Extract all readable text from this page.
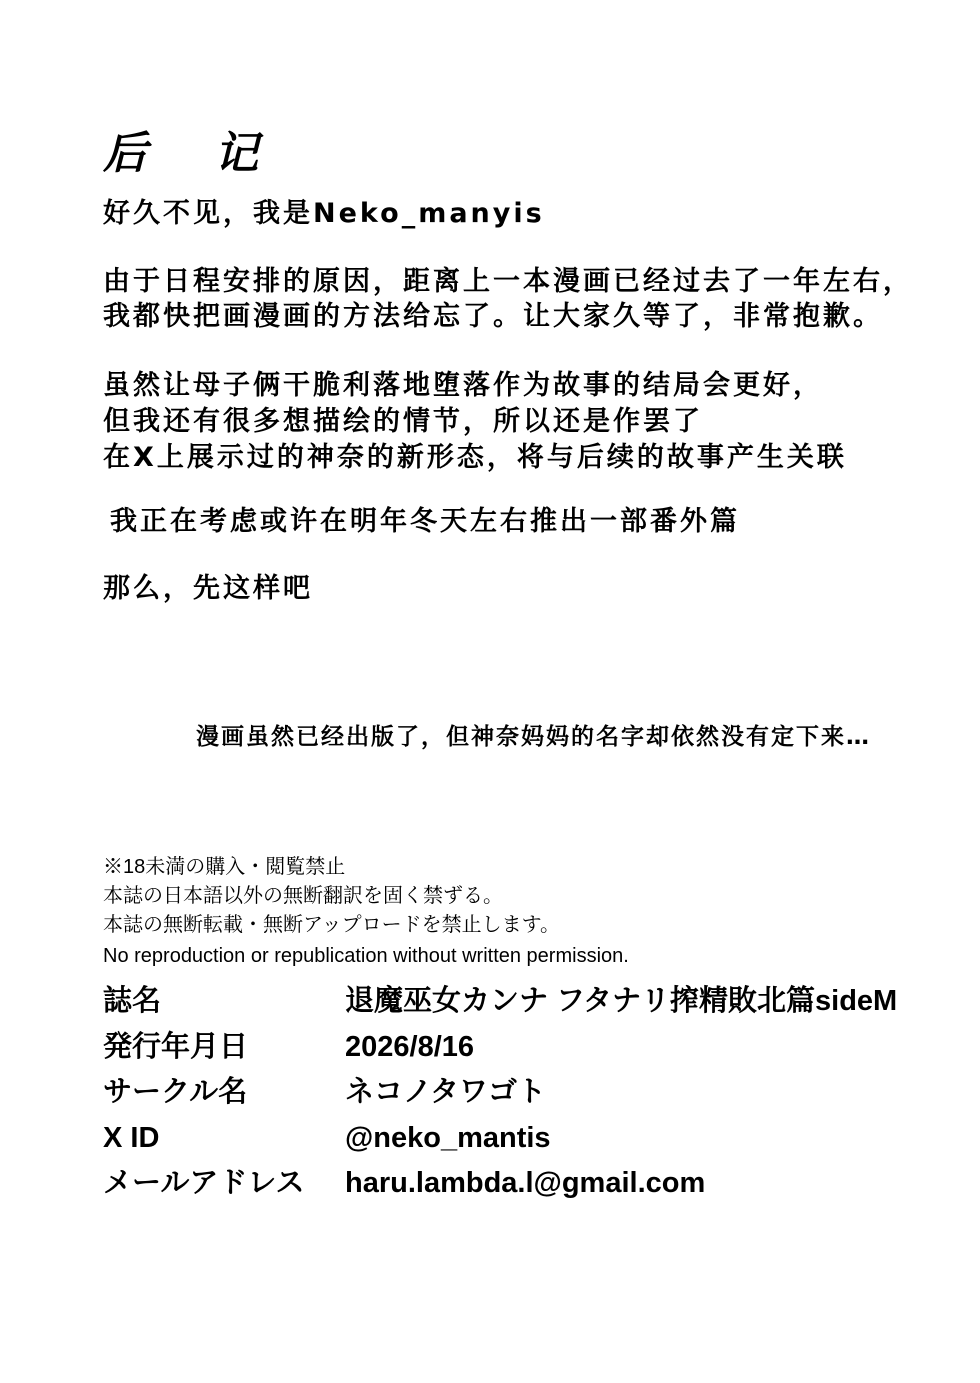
后 记

好久不见，我是Neko_manyis

由于日程安排的原因，距离上一本漫画已经过去了一年左右，

我都快把画漫画的方法给忘了。让大家久等了，非常抱歉。

虽然让母子俩干脆利落地堕落作为故事的结局会更好，

但我还有很多想描绘的情节，所以还是作罢了

在X上展示过的神奈的新形态，将与后续的故事产生关联

我正在考虑或许在明年冬天左右推出一部番外篇

那么，先这样吧

漫画虽然已经出版了，但神奈妈妈的名字却依然没有定下来…

※18未満の購入・閲覧禁止

本誌の日本語以外の無断翻訳を固く禁ずる。

本誌の無断転載・無断アップロードを禁止します。

No reproduction or republication without written permission.

誌名	退魔巫女カンナ フタナリ搾精敗北篇sideM
発行年月日	2026/8/16
サークル名	ネコノタワゴト
X ID	@neko_mantis
メールアドレス haru.lambda.l@gmail.com
